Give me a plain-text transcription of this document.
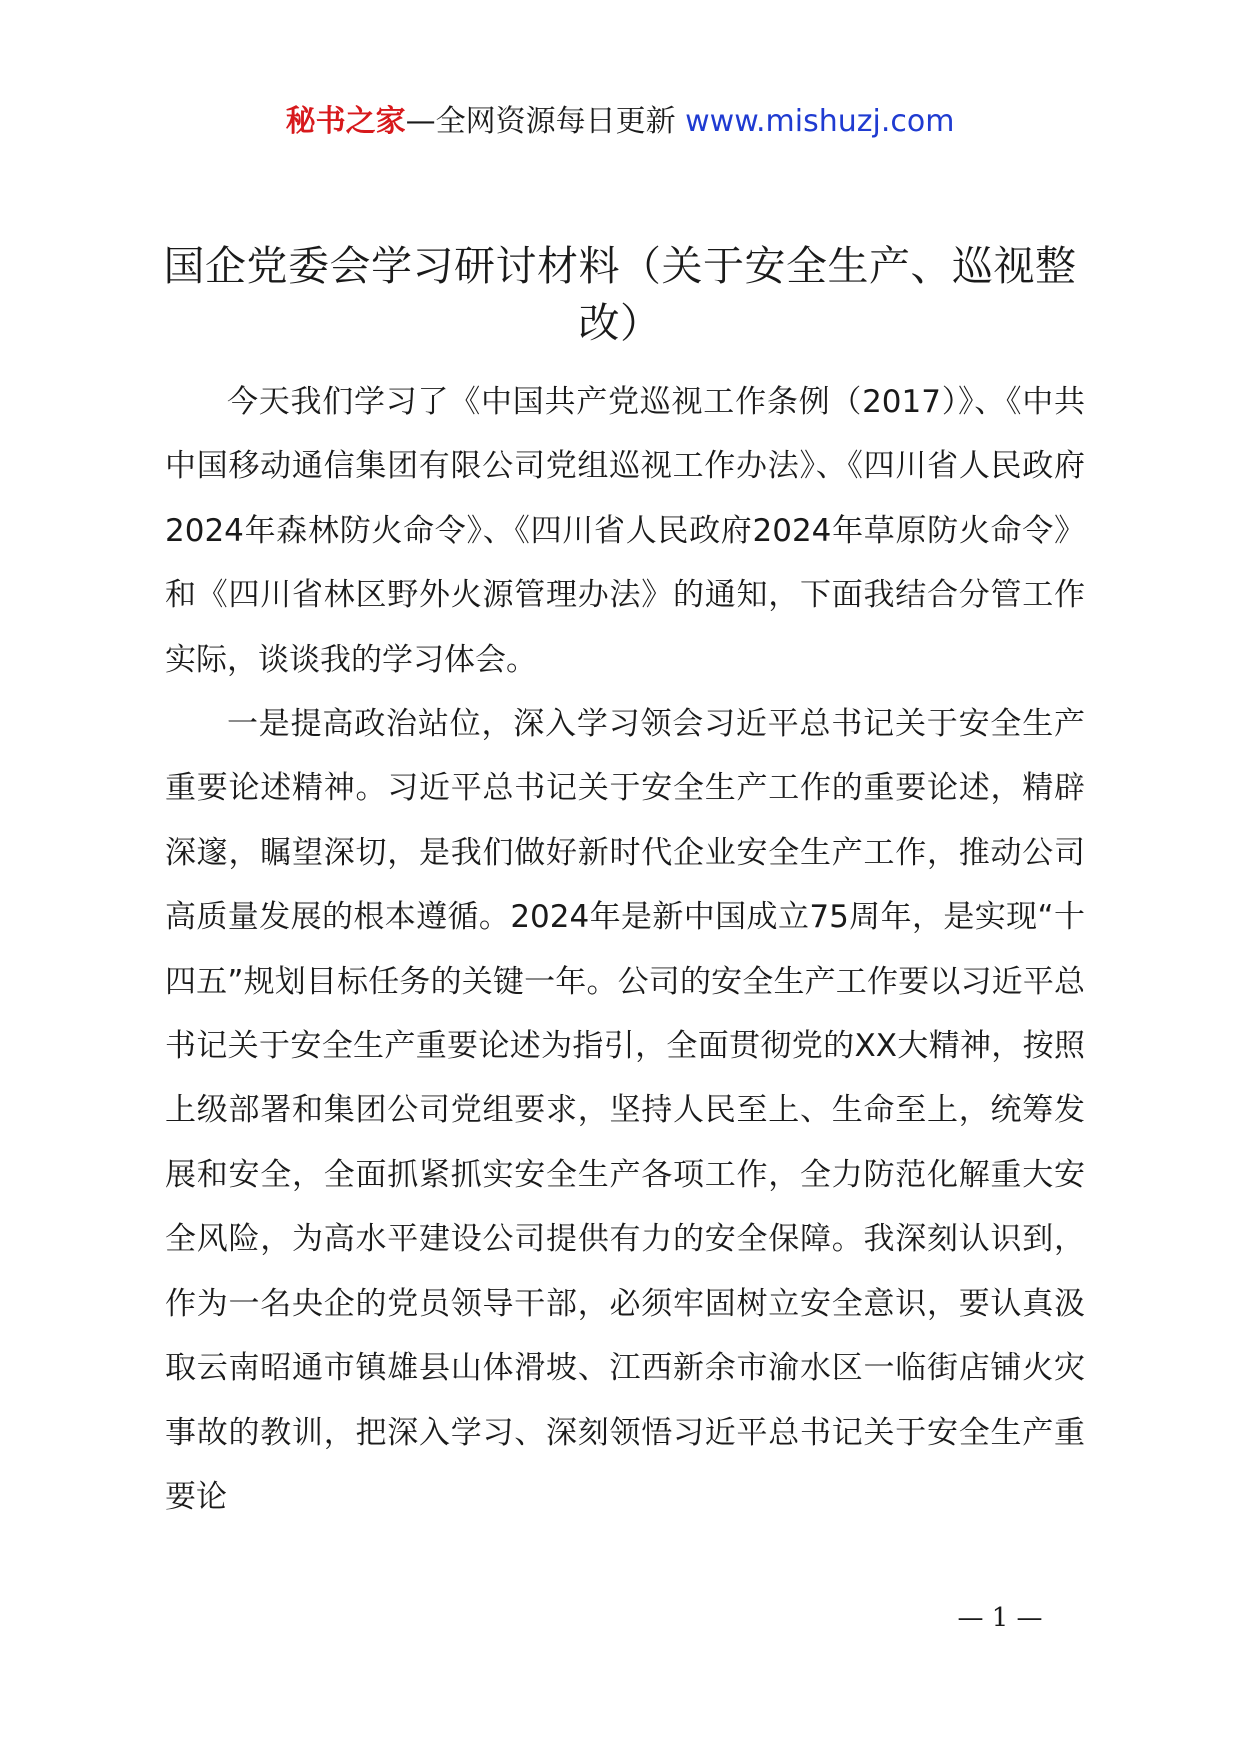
秘书之家—全网资源每日更新 www.mishuzj.com
国企党委会学习研讨材料（关于安全生产、巡视整改）

今天我们学习了《中国共产党巡视工作条例（2017）》、《中共中国移动通信集团有限公司党组巡视工作办法》、《四川省人民政府2024年森林防火命令》、《四川省人民政府2024年草原防火命令》和《四川省林区野外火源管理办法》的通知，下面我结合分管工作实际，谈谈我的学习体会。

一是提高政治站位，深入学习领会习近平总书记关于安全生产重要论述精神。习近平总书记关于安全生产工作的重要论述，精辟深邃，瞩望深切，是我们做好新时代企业安全生产工作，推动公司高质量发展的根本遵循。2024年是新中国成立75周年，是实现“十四五”规划目标任务的关键一年。公司的安全生产工作要以习近平总书记关于安全生产重要论述为指引，全面贯彻党的XX大精神，按照上级部署和集团公司党组要求，坚持人民至上、生命至上，统筹发展和安全，全面抓紧抓实安全生产各项工作，全力防范化解重大安全风险，为高水平建设公司提供有力的安全保障。我深刻认识到，作为一名央企的党员领导干部，必须牢固树立安全意识，要认真汲取云南昭通市镇雄县山体滑坡、江西新余市渝水区一临街店铺火灾事故的教训，把深入学习、深刻领悟习近平总书记关于安全生产重要论

— 1 —
